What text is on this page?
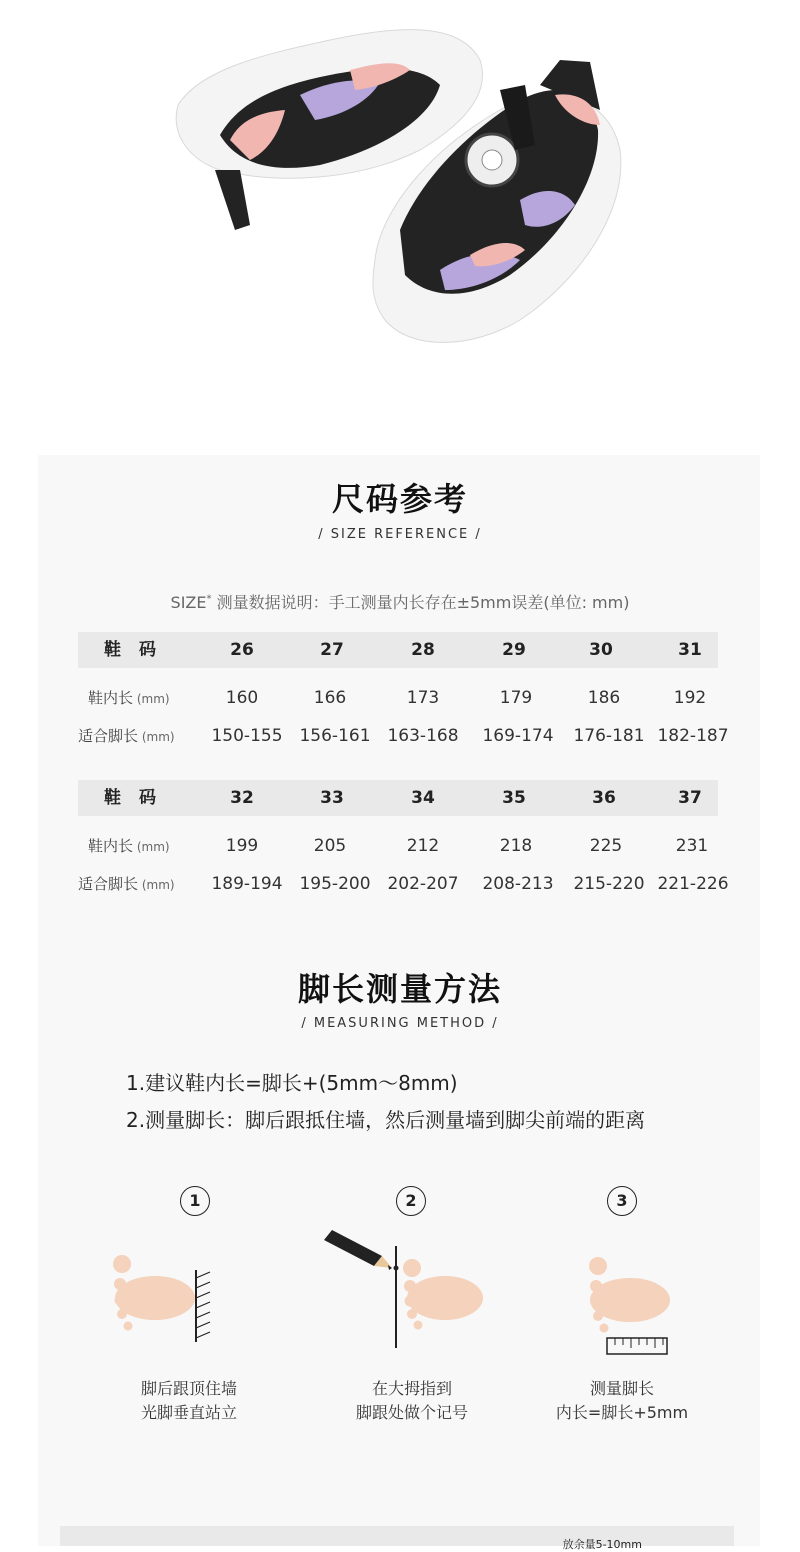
尺码参考
/ SIZE REFERENCE /
SIZE* 测量数据说明：手工测量内长存在±5mm误差(单位: mm)
鞋 码	26	27	28	29	30	31
鞋内长 (mm)	160	166	173	179	186	192
适合脚长 (mm)	150-155 156-161 163-168	169-174	176-181 182-187
鞋 码	32	33	34	35	36	37
鞋内长 (mm)	199	205	212	218	225	231
适合脚长 (mm)	189-194 195-200 202-207	208-213	215-220 221-226
脚长测量方法
/ MEASURING METHOD /
1.建议鞋内长=脚长+(5mm～8mm)
2.测量脚长：脚后跟抵住墙，然后测量墙到脚尖前端的距离
1	2	3
脚后跟顶住墙
光脚垂直站立
在大拇指到
脚跟处做个记号
测量脚长
内长=脚长+5mm
放余量5-10mm
